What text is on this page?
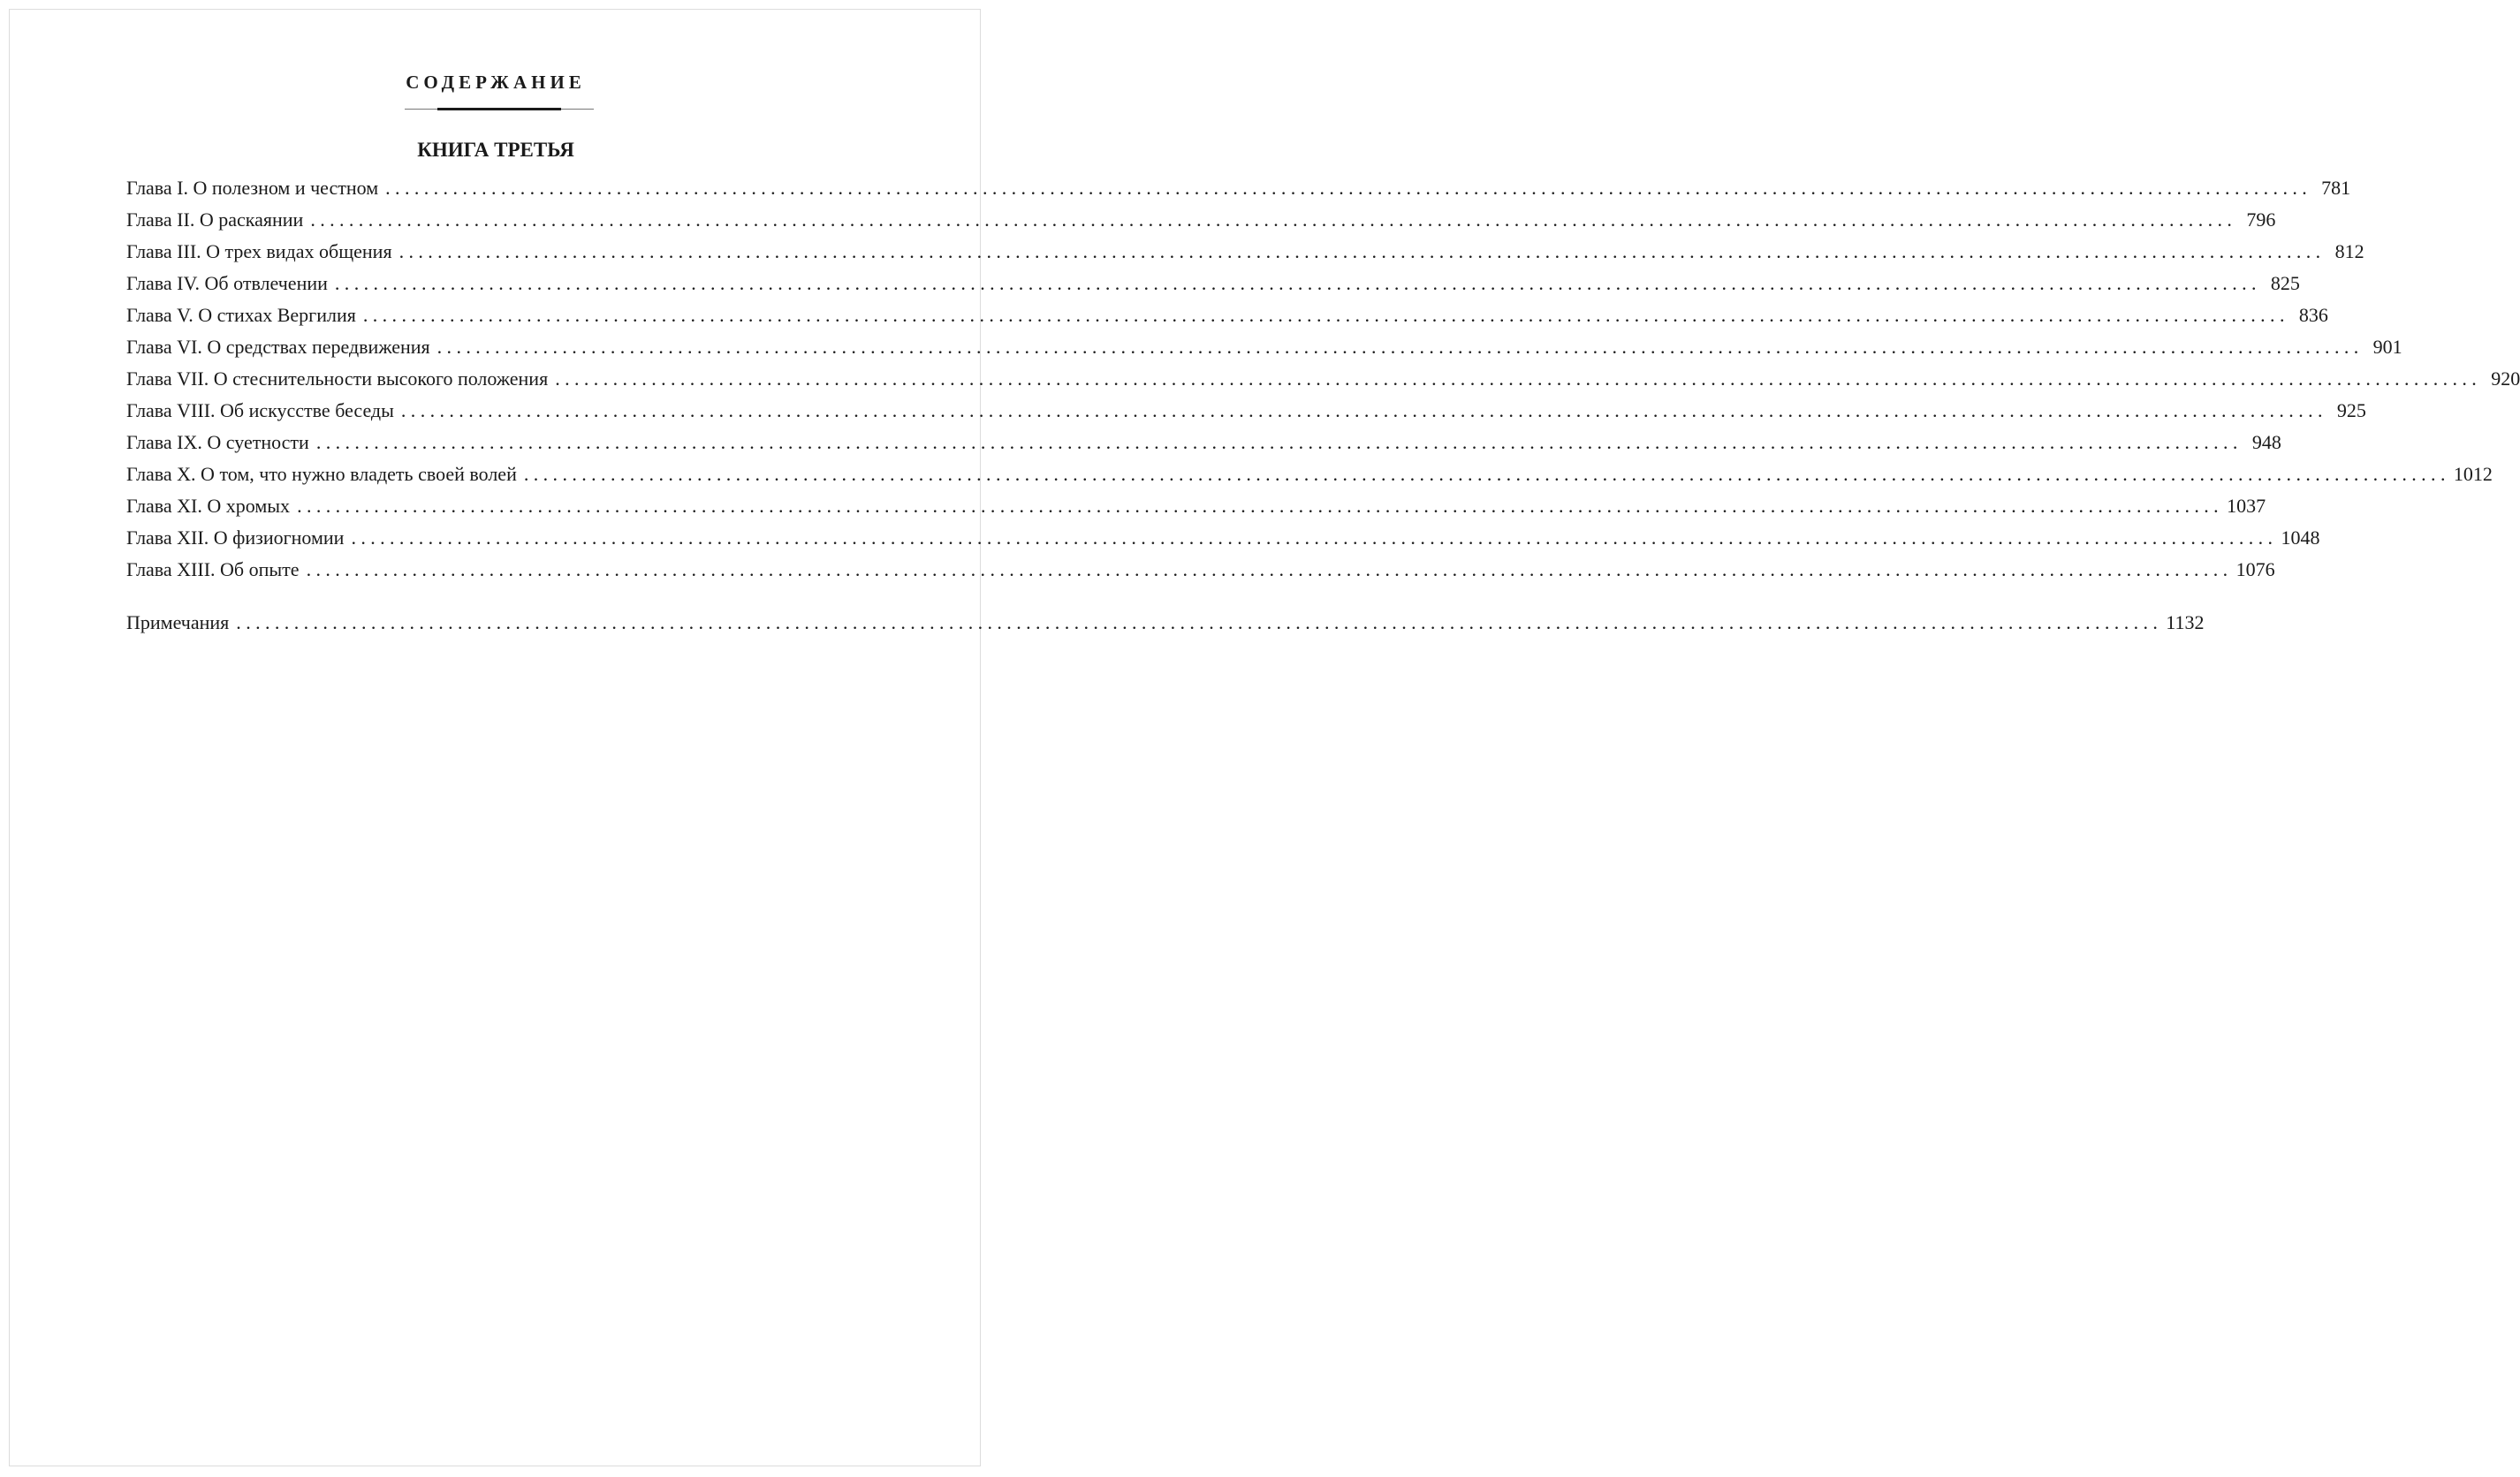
СОДЕРЖАНИЕ
КНИГА ТРЕТЬЯ
Глава I. О полезном и честном ........................................................................................................................................................................................................ 781
Глава II. О раскаянии ........................................................................................................................................................................................................ 796
Глава III. О трех видах общения ........................................................................................................................................................................................................ 812
Глава IV. Об отвлечении ........................................................................................................................................................................................................ 825
Глава V. О стихах Вергилия ........................................................................................................................................................................................................ 836
Глава VI. О средствах передвижения ........................................................................................................................................................................................................ 901
Глава VII. О стеснительности высокого положения ........................................................................................................................................................................................................ 920
Глава VIII. Об искусстве беседы ........................................................................................................................................................................................................ 925
Глава IX. О суетности ........................................................................................................................................................................................................ 948
Глава X. О том, что нужно владеть своей волей ........................................................................................................................................................................................................ 1012
Глава XI. О хромых ........................................................................................................................................................................................................ 1037
Глава XII. О физиогномии ........................................................................................................................................................................................................ 1048
Глава XIII. Об опыте ........................................................................................................................................................................................................ 1076
Примечания ........................................................................................................................................................................................................ 1132
